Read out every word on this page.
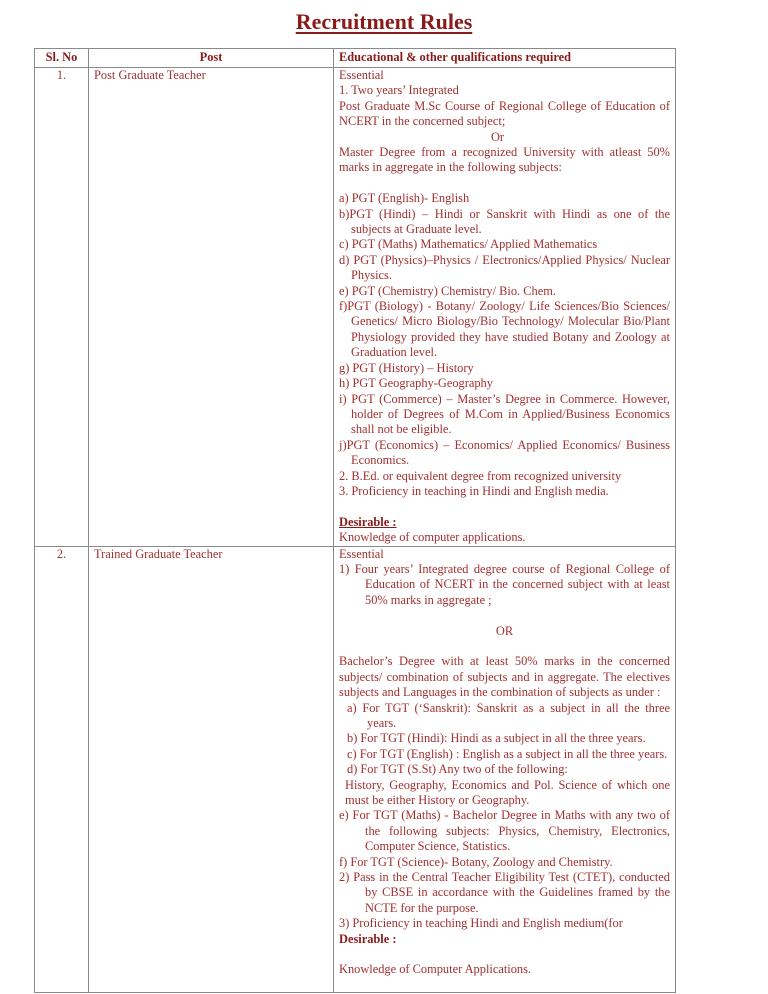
Recruitment Rules
Sl. No	Post	Educational & other qualifications required
1.	Post Graduate Teacher	Essential
1. Two years’ Integrated
Post Graduate M.Sc Course of Regional College of Education of NCERT in the concerned subject;
Or
Master Degree from a recognized University with atleast 50% marks in aggregate in the following subjects:
a) PGT (English)- English
b)PGT (Hindi) – Hindi or Sanskrit with Hindi as one of the subjects at Graduate level.
c) PGT (Maths) Mathematics/ Applied Mathematics
d) PGT (Physics)–Physics / Electronics/Applied Physics/ Nuclear Physics.
e) PGT (Chemistry) Chemistry/ Bio. Chem.
f)PGT (Biology) - Botany/ Zoology/ Life Sciences/Bio Sciences/ Genetics/ Micro Biology/Bio Technology/ Molecular Bio/Plant Physiology provided they have studied Botany and Zoology at Graduation level.
g) PGT (History) – History
h) PGT Geography-Geography
i) PGT (Commerce) – Master’s Degree in Commerce. However, holder of Degrees of M.Com in Applied/Business Economics shall not be eligible.
j)PGT (Economics) – Economics/ Applied Economics/ Business Economics.
2. B.Ed. or equivalent degree from recognized university
3. Proficiency in teaching in Hindi and English media.
Desirable :
Knowledge of computer applications.

2.	Trained Graduate Teacher	Essential
1) Four years’ Integrated degree course of Regional College of Education of NCERT in the concerned subject with at least 50% marks in aggregate ;
OR
Bachelor’s Degree with at least 50% marks in the concerned subjects/ combination of subjects and in aggregate. The electives subjects and Languages in the combination of subjects as under :
a) For TGT (‘Sanskrit): Sanskrit as a subject in all the three years.
b) For TGT (Hindi): Hindi as a subject in all the three years.
c) For TGT (English) : English as a subject in all the three years.
d) For TGT (S.St) Any two of the following:
History, Geography, Economics and Pol. Science of which one must be either History or Geography.
e) For TGT (Maths) - Bachelor Degree in Maths with any two of the following subjects: Physics, Chemistry, Electronics, Computer Science, Statistics.
f) For TGT (Science)- Botany, Zoology and Chemistry.
2) Pass in the Central Teacher Eligibility Test (CTET), conducted by CBSE in accordance with the Guidelines framed by the NCTE for the purpose.
3) Proficiency in teaching Hindi and English medium(for
Desirable :
Knowledge of Computer Applications.
